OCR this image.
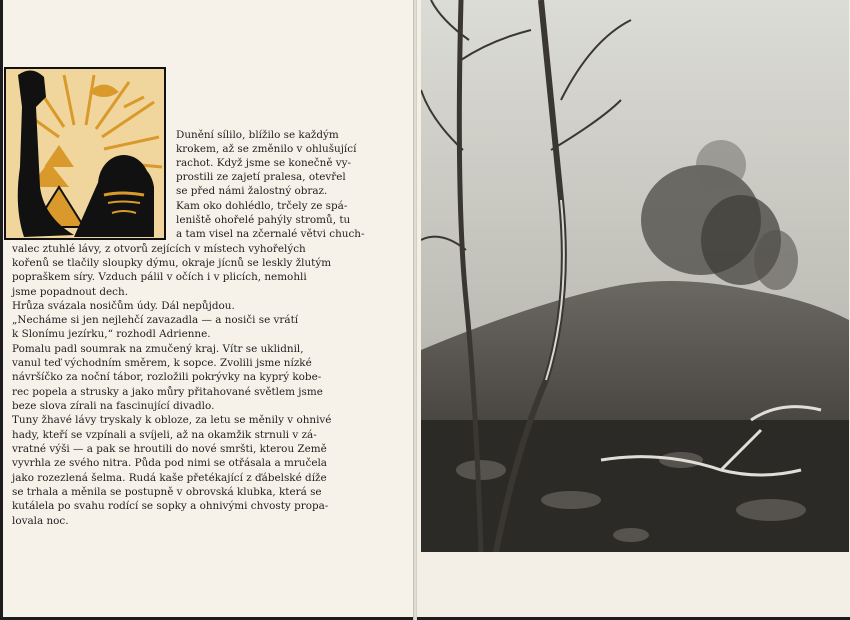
Dunění sílilo, blížilo se každým
krokem, až se změnilo v ohlušující
rachot. Když jsme se konečně vy-
prostili ze zajetí pralesa, otevřel
se před námi žalostný obraz.
Kam oko dohlédlo, trčely ze spá-
leniště ohořelé pahýly stromů, tu
a tam visel na zčernalé větvi chuch-
valec ztuhlé lávy, z otvorů zejících v místech vyhořelých
kořenů se tlačily sloupky dýmu, okraje jícnů se leskly žlutým
popraškem síry. Vzduch pálil v očích i v plicích, nemohli
jsme popadnout dech.
Hrůza svázala nosičům údy. Dál nepůjdou.
„Necháme si jen nejlehčí zavazadla — a nosiči se vrátí
k Slonímu jezírku,“ rozhodl Adrienne.
Pomalu padl soumrak na zmučený kraj. Vítr se uklidnil,
vanul teď východním směrem, k sopce. Zvolili jsme nízké
návršíčko za noční tábor, rozložili pokrývky na kyprý kobe-
rec popela a strusky a jako můry přitahované světlem jsme
beze slova zírali na fascinující divadlo.
Tuny žhavé lávy tryskaly k obloze, za letu se měnily v ohnivé
hady, kteří se vzpínali a svíjeli, až na okamžik strnuli v zá-
vratné výši — a pak se hroutili do nové smršti, kterou Země
vyvrhla ze svého nitra. Půda pod nimi se otřásala a mručela
jako rozezlená šelma. Rudá kaše přetékající z ďábelské díže
se trhala a měnila se postupně v obrovská klubka, která se
kutálela po svahu rodící se sopky a ohnivými chvosty propa-
lovala noc.
